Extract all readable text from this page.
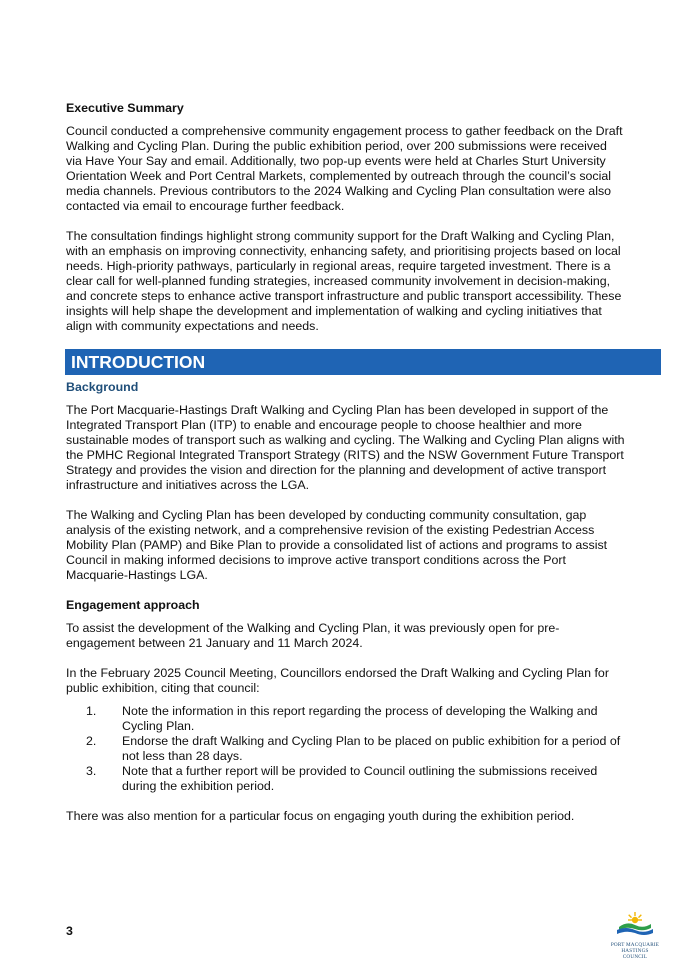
Executive Summary

Council conducted a comprehensive community engagement process to gather feedback on the Draft Walking and Cycling Plan. During the public exhibition period, over 200 submissions were received via Have Your Say and email. Additionally, two pop-up events were held at Charles Sturt University Orientation Week and Port Central Markets, complemented by outreach through the council’s social media channels. Previous contributors to the 2024 Walking and Cycling Plan consultation were also contacted via email to encourage further feedback.

The consultation findings highlight strong community support for the Draft Walking and Cycling Plan, with an emphasis on improving connectivity, enhancing safety, and prioritising projects based on local needs. High-priority pathways, particularly in regional areas, require targeted investment. There is a clear call for well-planned funding strategies, increased community involvement in decision-making, and concrete steps to enhance active transport infrastructure and public transport accessibility. These insights will help shape the development and implementation of walking and cycling initiatives that align with community expectations and needs.

INTRODUCTION
Background

The Port Macquarie-Hastings Draft Walking and Cycling Plan has been developed in support of the Integrated Transport Plan (ITP) to enable and encourage people to choose healthier and more sustainable modes of transport such as walking and cycling. The Walking and Cycling Plan aligns with the PMHC Regional Integrated Transport Strategy (RITS) and the NSW Government Future Transport Strategy and provides the vision and direction for the planning and development of active transport infrastructure and initiatives across the LGA.

The Walking and Cycling Plan has been developed by conducting community consultation, gap analysis of the existing network, and a comprehensive revision of the existing Pedestrian Access Mobility Plan (PAMP) and Bike Plan to provide a consolidated list of actions and programs to assist Council in making informed decisions to improve active transport conditions across the Port Macquarie-Hastings LGA.

Engagement approach

To assist the development of the Walking and Cycling Plan, it was previously open for pre-engagement between 21 January and 11 March 2024.

In the February 2025 Council Meeting, Councillors endorsed the Draft Walking and Cycling Plan for public exhibition, citing that council:

1. Note the information in this report regarding the process of developing the Walking and Cycling Plan.
2. Endorse the draft Walking and Cycling Plan to be placed on public exhibition for a period of not less than 28 days.
3. Note that a further report will be provided to Council outlining the submissions received during the exhibition period.

There was also mention for a particular focus on engaging youth during the exhibition period.

3
PORT MACQUARIE
HASTINGS COUNCIL
